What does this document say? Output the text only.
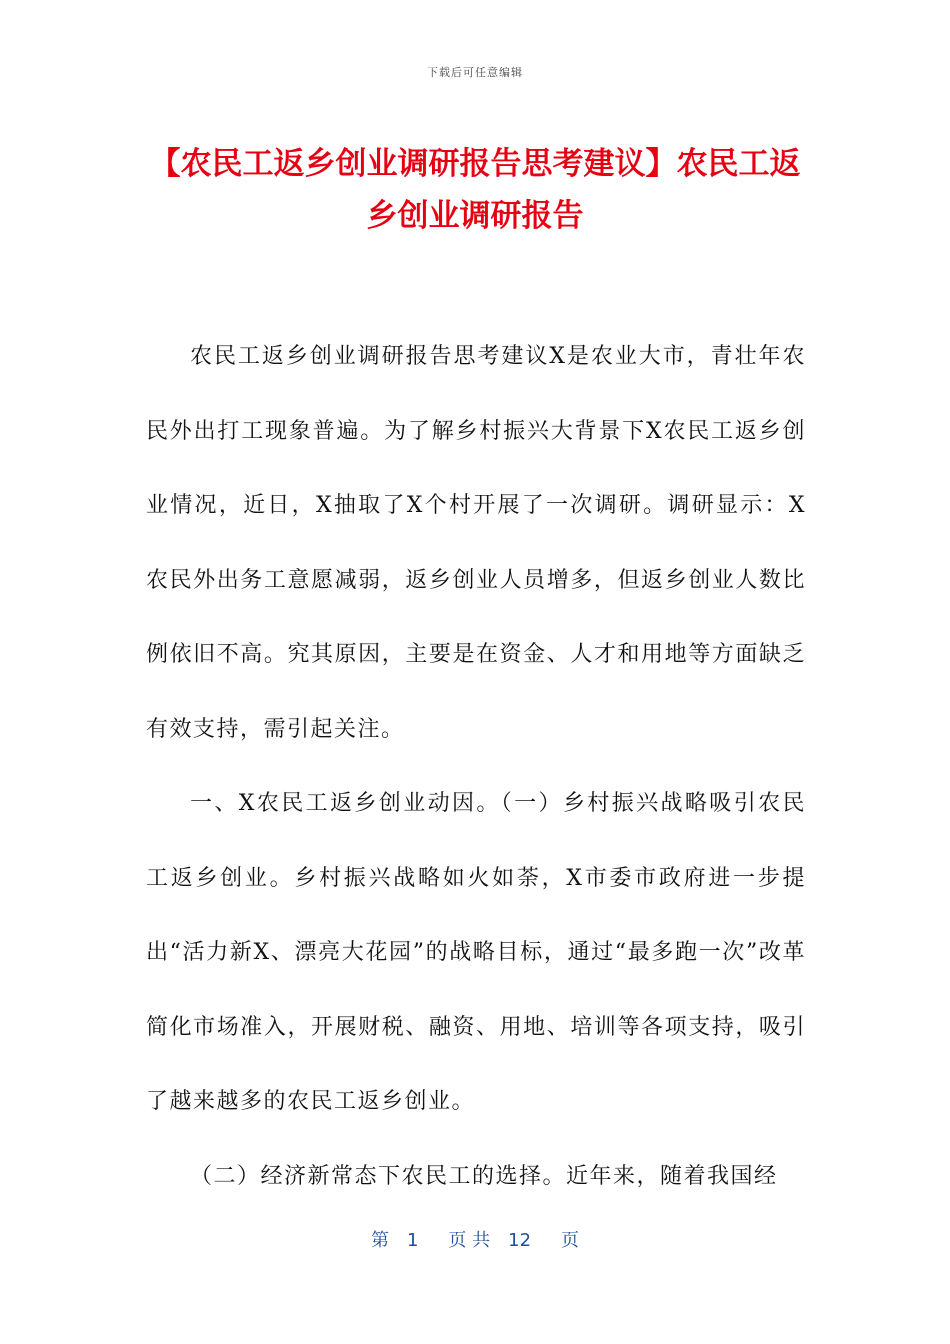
下载后可任意编辑
【农民工返乡创业调研报告思考建议】农民工返乡创业调研报告

农民工返乡创业调研报告思考建议X是农业大市，青壮年农民外出打工现象普遍。为了解乡村振兴大背景下X农民工返乡创业情况，近日，X抽取了X个村开展了一次调研。调研显示：X农民外出务工意愿减弱，返乡创业人员增多，但返乡创业人数比例依旧不高。究其原因，主要是在资金、人才和用地等方面缺乏有效支持，需引起关注。

一、X农民工返乡创业动因。（一）乡村振兴战略吸引农民工返乡创业。乡村振兴战略如火如荼，X市委市政府进一步提出“活力新X、漂亮大花园”的战略目标，通过“最多跑一次”改革简化市场准入，开展财税、融资、用地、培训等各项支持，吸引了越来越多的农民工返乡创业。

（二）经济新常态下农民工的选择。近年来，随着我国经

第 1 页 共 12 页
